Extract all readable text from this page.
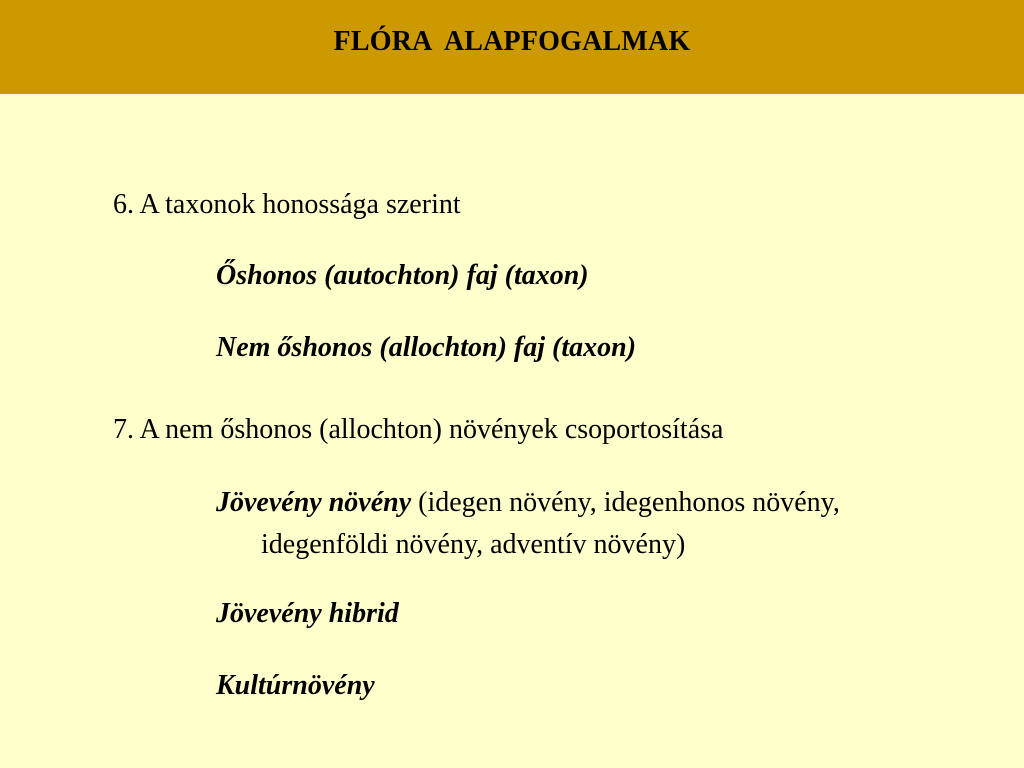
FLÓRA  ALAPFOGALMAK
6. A taxonok honossága szerint
Őshonos (autochton) faj (taxon)
Nem őshonos (allochton) faj (taxon)
7. A nem őshonos (allochton) növények csoportosítása
Jövevény növény (idegen növény, idegenhonos növény,
idegenföldi növény, adventív növény)
Jövevény hibrid
Kultúrnövény
